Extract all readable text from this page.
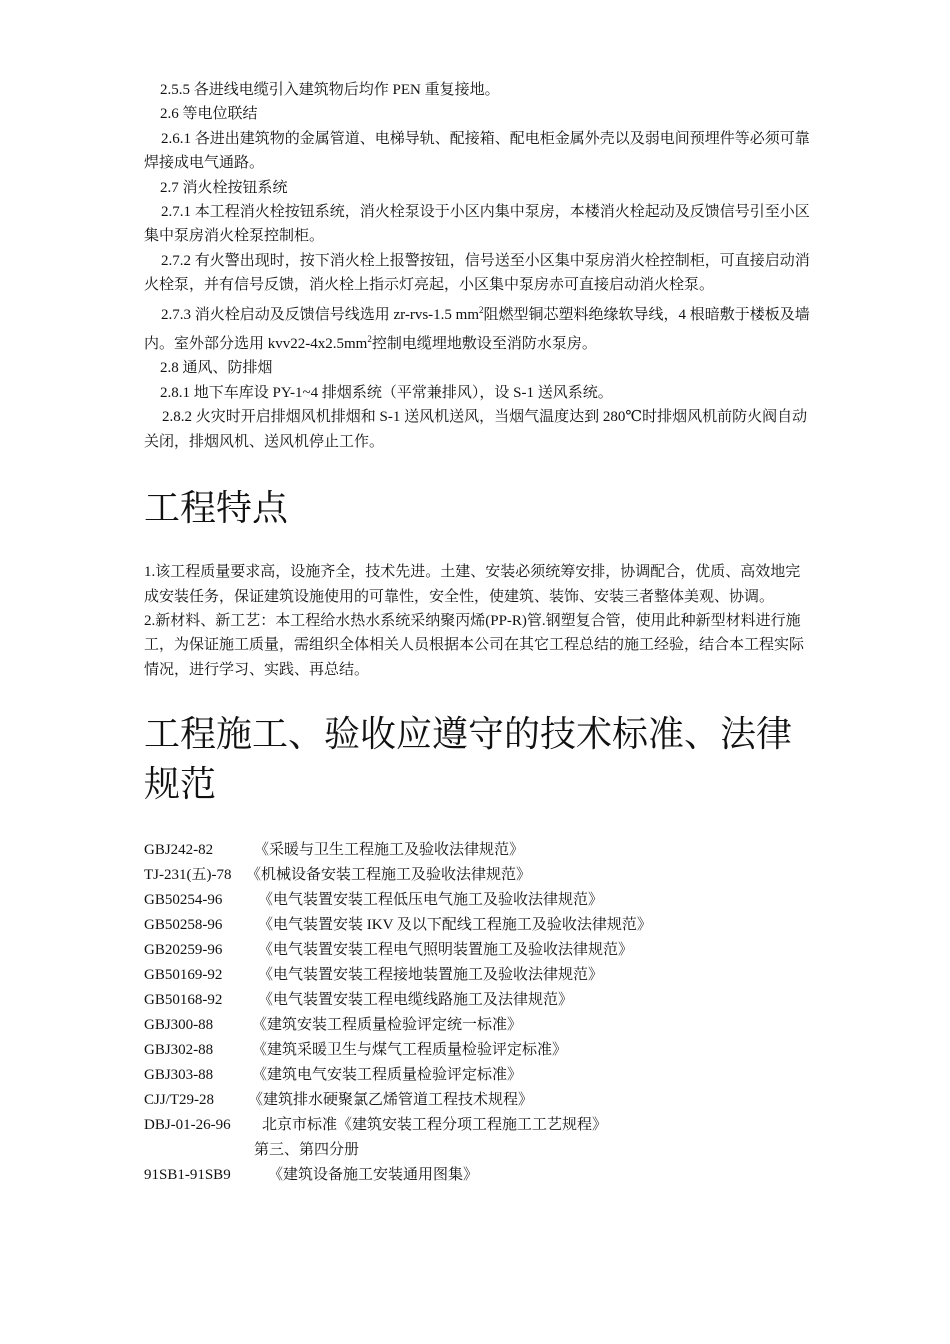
2.5.5 各进线电缆引入建筑物后均作 PEN 重复接地。

2.6 等电位联结

2.6.1 各进出建筑物的金属管道、电梯导轨、配接箱、配电柜金属外壳以及弱电间预埋件等必须可靠焊接成电气通路。

2.7 消火栓按钮系统

2.7.1 本工程消火栓按钮系统，消火栓泵设于小区内集中泵房，本楼消火栓起动及反馈信号引至小区集中泵房消火栓泵控制柜。

2.7.2 有火警出现时，按下消火栓上报警按钮，信号送至小区集中泵房消火栓控制柜，可直接启动消火栓泵，并有信号反馈，消火栓上指示灯亮起，小区集中泵房赤可直接启动消火栓泵。

2.7.3 消火栓启动及反馈信号线选用 zr-rvs-1.5 $mm^2$阻燃型铜芯塑料绝缘软导线，4 根暗敷于楼板及墙内。室外部分选用 $kvv22-4x2.5mm^2$控制电缆埋地敷设至消防水泵房。

2.8 通风、防排烟

2.8.1 地下车库设 PY-1~4 排烟系统（平常兼排风），设 S-1 送风系统。

2.8.2 火灾时开启排烟风机排烟和 S-1 送风机送风，当烟气温度达到 280℃时排烟风机前防火阀自动关闭，排烟风机、送风机停止工作。

工程特点

1.该工程质量要求高，设施齐全，技术先进。土建、安装必须统筹安排，协调配合，优质、高效地完成安装任务，保证建筑设施使用的可靠性，安全性，使建筑、装饰、安装三者整体美观、协调。

2.新材料、新工艺：本工程给水热水系统采纳聚丙烯(PP-R)管.钢塑复合管，使用此种新型材料进行施工，为保证施工质量，需组织全体相关人员根据本公司在其它工程总结的施工经验，结合本工程实际情况，进行学习、实践、再总结。

工程施工、验收应遵守的技术标准、法律规范
GBJ242-82	《采暖与卫生工程施工及验收法律规范》
TJ-231(五)-78 《机械设备安装工程施工及验收法律规范》
GB50254-96	《电气装置安装工程低压电气施工及验收法律规范》
GB50258-96	《电气装置安装 IKV 及以下配线工程施工及验收法律规范》
GB20259-96	《电气装置安装工程电气照明装置施工及验收法律规范》
GB50169-92	《电气装置安装工程接地装置施工及验收法律规范》
GB50168-92	《电气装置安装工程电缆线路施工及法律规范》
GBJ300-88	《建筑安装工程质量检验评定统一标准》
GBJ302-88	《建筑采暖卫生与煤气工程质量检验评定标准》
GBJ303-88	《建筑电气安装工程质量检验评定标准》
CJJ/T29-28	《建筑排水硬聚氯乙烯管道工程技术规程》
DBJ-01-26-96	北京市标准《建筑安装工程分项工程施工工艺规程》
第三、第四分册
91SB1-91SB9	《建筑设备施工安装通用图集》
